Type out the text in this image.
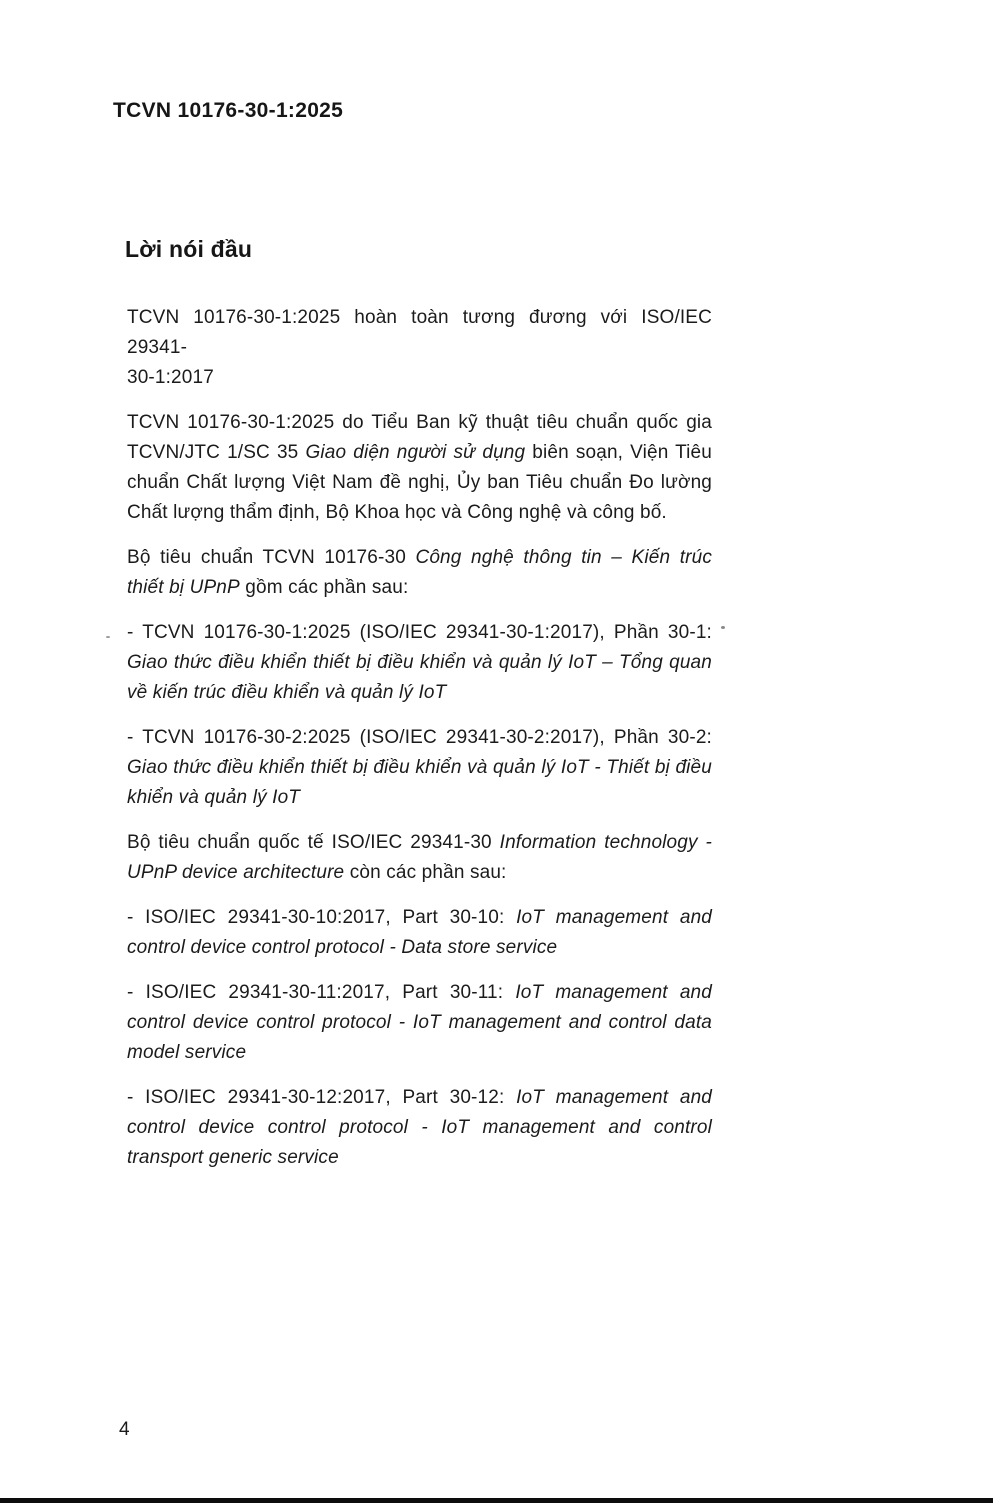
TCVN 10176-30-1:2025
Lời nói đầu
TCVN 10176-30-1:2025 hoàn toàn tương đương với ISO/IEC 29341-
30-1:2017
TCVN 10176-30-1:2025 do Tiểu Ban kỹ thuật tiêu chuẩn quốc gia
TCVN/JTC 1/SC 35 Giao diện người sử dụng biên soạn, Viện Tiêu
chuẩn Chất lượng Việt Nam đề nghị, Ủy ban Tiêu chuẩn Đo lường
Chất lượng thẩm định, Bộ Khoa học và Công nghệ và công bố.
Bộ tiêu chuẩn TCVN 10176-30 Công nghệ thông tin – Kiến trúc
thiết bị UPnP gồm các phần sau:
- TCVN 10176-30-1:2025 (ISO/IEC 29341-30-1:2017), Phần 30-1:
Giao thức điều khiển thiết bị điều khiển và quản lý IoT – Tổng quan
về kiến trúc điều khiển và quản lý IoT
- TCVN 10176-30-2:2025 (ISO/IEC 29341-30-2:2017), Phần 30-2:
Giao thức điều khiển thiết bị điều khiển và quản lý IoT - Thiết bị điều
khiển và quản lý IoT
Bộ tiêu chuẩn quốc tế ISO/IEC 29341-30 Information technology -
UPnP device architecture còn các phần sau:
- ISO/IEC 29341-30-10:2017, Part 30-10: IoT management and
control device control protocol - Data store service
- ISO/IEC 29341-30-11:2017, Part 30-11: IoT management and
control device control protocol - IoT management and control data
model service
- ISO/IEC 29341-30-12:2017, Part 30-12: IoT management and
control device control protocol - IoT management and control
transport generic service
4
